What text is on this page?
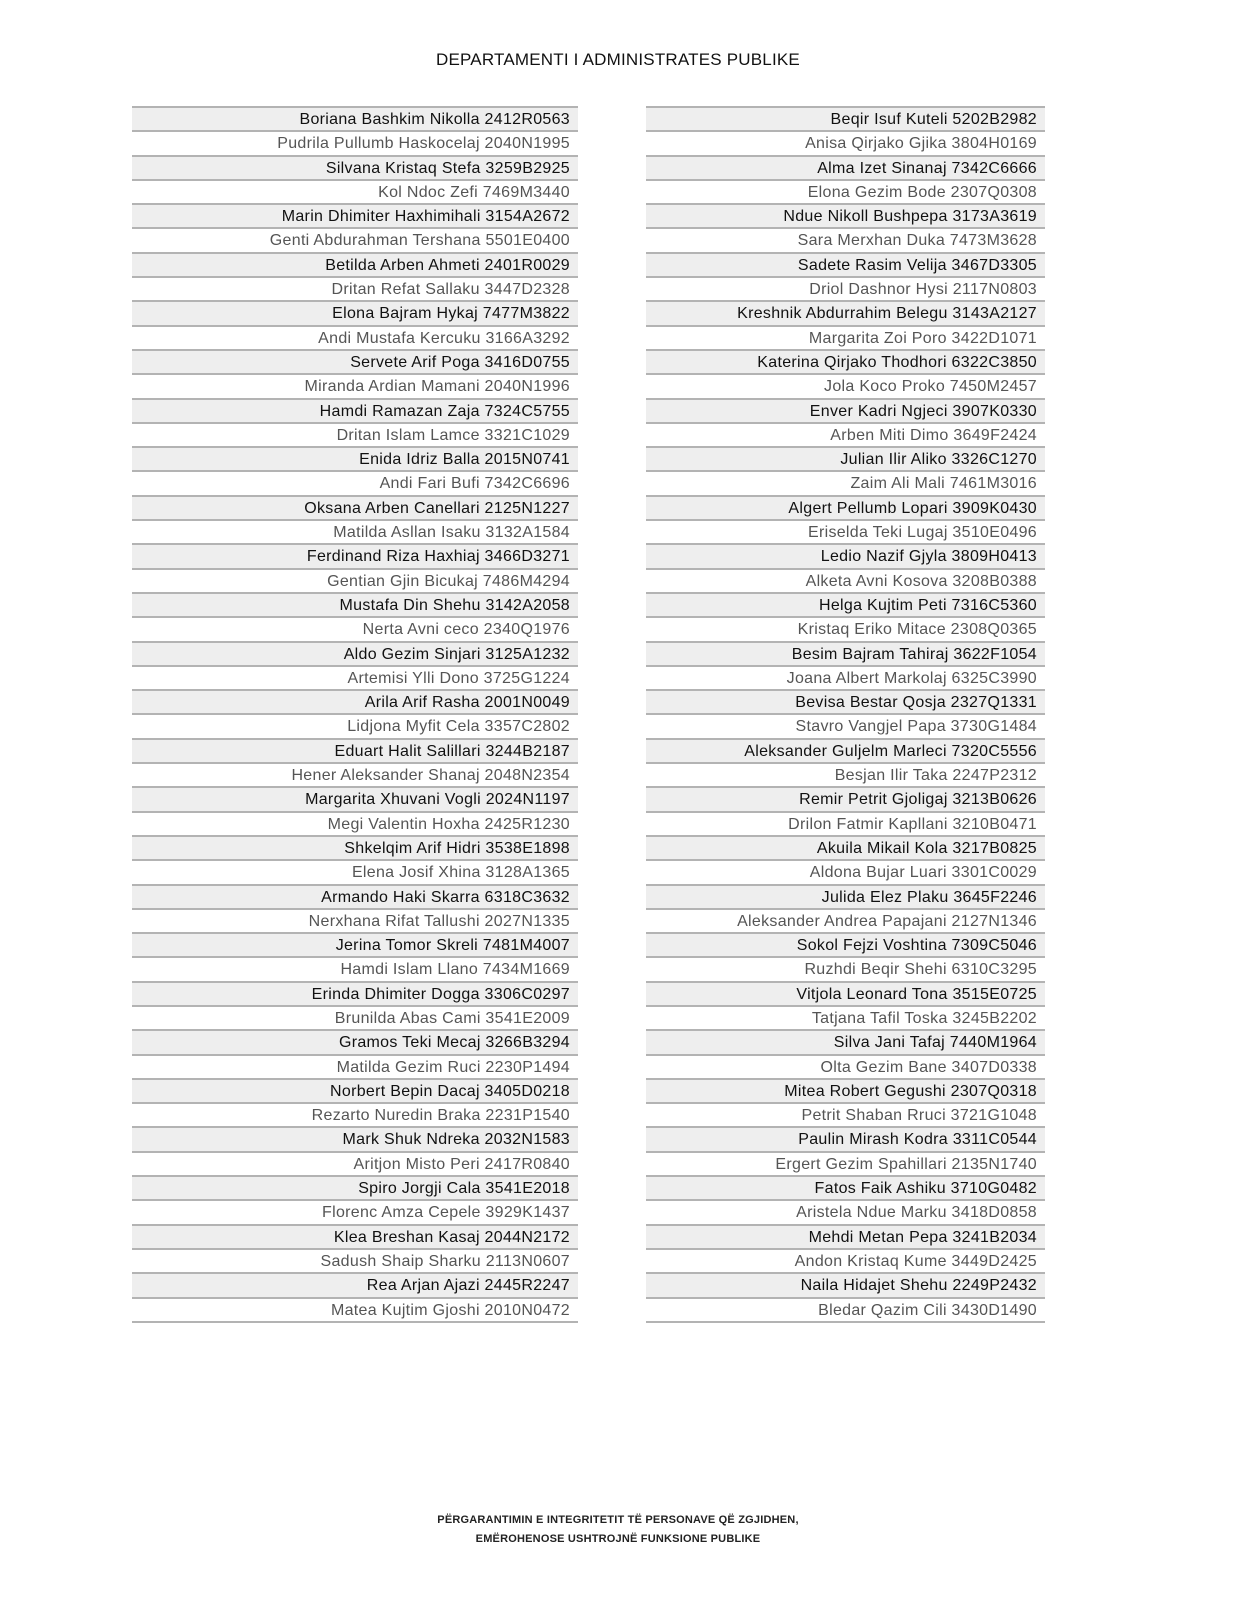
DEPARTAMENTI I ADMINISTRATES PUBLIKE
Boriana Bashkim Nikolla 2412R0563
Pudrila Pullumb Haskocelaj 2040N1995
Silvana Kristaq Stefa 3259B2925
Kol Ndoc Zefi 7469M3440
Marin Dhimiter Haxhimihali 3154A2672
Genti Abdurahman Tershana 5501E0400
Betilda Arben Ahmeti 2401R0029
Dritan Refat Sallaku 3447D2328
Elona Bajram Hykaj 7477M3822
Andi Mustafa Kercuku 3166A3292
Servete Arif Poga 3416D0755
Miranda Ardian Mamani 2040N1996
Hamdi Ramazan Zaja 7324C5755
Dritan Islam Lamce 3321C1029
Enida Idriz Balla 2015N0741
Andi Fari Bufi 7342C6696
Oksana Arben Canellari 2125N1227
Matilda Asllan Isaku 3132A1584
Ferdinand Riza Haxhiaj 3466D3271
Gentian Gjin Bicukaj 7486M4294
Mustafa Din Shehu 3142A2058
Nerta Avni ceco 2340Q1976
Aldo Gezim Sinjari 3125A1232
Artemisi Ylli Dono 3725G1224
Arila Arif Rasha 2001N0049
Lidjona Myfit Cela 3357C2802
Eduart Halit Salillari 3244B2187
Hener Aleksander Shanaj 2048N2354
Margarita Xhuvani Vogli 2024N1197
Megi Valentin Hoxha 2425R1230
Shkelqim Arif Hidri 3538E1898
Elena Josif Xhina 3128A1365
Armando Haki Skarra 6318C3632
Nerxhana Rifat Tallushi 2027N1335
Jerina Tomor Skreli 7481M4007
Hamdi Islam Llano 7434M1669
Erinda Dhimiter Dogga 3306C0297
Brunilda Abas Cami 3541E2009
Gramos Teki Mecaj 3266B3294
Matilda Gezim Ruci 2230P1494
Norbert Bepin Dacaj 3405D0218
Rezarto Nuredin Braka 2231P1540
Mark Shuk Ndreka 2032N1583
Aritjon Misto Peri 2417R0840
Spiro Jorgji Cala 3541E2018
Florenc Amza Cepele 3929K1437
Klea Breshan Kasaj 2044N2172
Sadush Shaip Sharku 2113N0607
Rea Arjan Ajazi 2445R2247
Matea Kujtim Gjoshi 2010N0472
Beqir Isuf Kuteli 5202B2982
Anisa Qirjako Gjika 3804H0169
Alma Izet Sinanaj 7342C6666
Elona Gezim Bode 2307Q0308
Ndue Nikoll Bushpepa 3173A3619
Sara Merxhan Duka 7473M3628
Sadete Rasim Velija 3467D3305
Driol Dashnor Hysi 2117N0803
Kreshnik Abdurrahim Belegu 3143A2127
Margarita Zoi Poro 3422D1071
Katerina Qirjako Thodhori 6322C3850
Jola Koco Proko 7450M2457
Enver Kadri Ngjeci 3907K0330
Arben Miti Dimo 3649F2424
Julian Ilir Aliko 3326C1270
Zaim Ali Mali 7461M3016
Algert Pellumb Lopari 3909K0430
Eriselda Teki Lugaj 3510E0496
Ledio Nazif Gjyla 3809H0413
Alketa Avni Kosova 3208B0388
Helga Kujtim Peti 7316C5360
Kristaq Eriko Mitace 2308Q0365
Besim Bajram Tahiraj 3622F1054
Joana Albert Markolaj 6325C3990
Bevisa Bestar Qosja 2327Q1331
Stavro Vangjel Papa 3730G1484
Aleksander Guljelm Marleci 7320C5556
Besjan Ilir Taka 2247P2312
Remir Petrit Gjoligaj 3213B0626
Drilon Fatmir Kapllani 3210B0471
Akuila Mikail Kola 3217B0825
Aldona Bujar Luari 3301C0029
Julida Elez Plaku 3645F2246
Aleksander Andrea Papajani 2127N1346
Sokol Fejzi Voshtina 7309C5046
Ruzhdi Beqir Shehi 6310C3295
Vitjola Leonard Tona 3515E0725
Tatjana Tafil Toska 3245B2202
Silva Jani Tafaj 7440M1964
Olta Gezim Bane 3407D0338
Mitea Robert Gegushi 2307Q0318
Petrit Shaban Rruci 3721G1048
Paulin Mirash Kodra 3311C0544
Ergert Gezim Spahillari 2135N1740
Fatos Faik Ashiku 3710G0482
Aristela Ndue Marku 3418D0858
Mehdi Metan Pepa 3241B2034
Andon Kristaq Kume 3449D2425
Naila Hidajet Shehu 2249P2432
Bledar Qazim Cili 3430D1490
PËRGARANTIMIN E INTEGRITETIT TË PERSONAVE QË ZGJIDHEN,
EMËROHENOSE USHTROJNË FUNKSIONE PUBLIKE
